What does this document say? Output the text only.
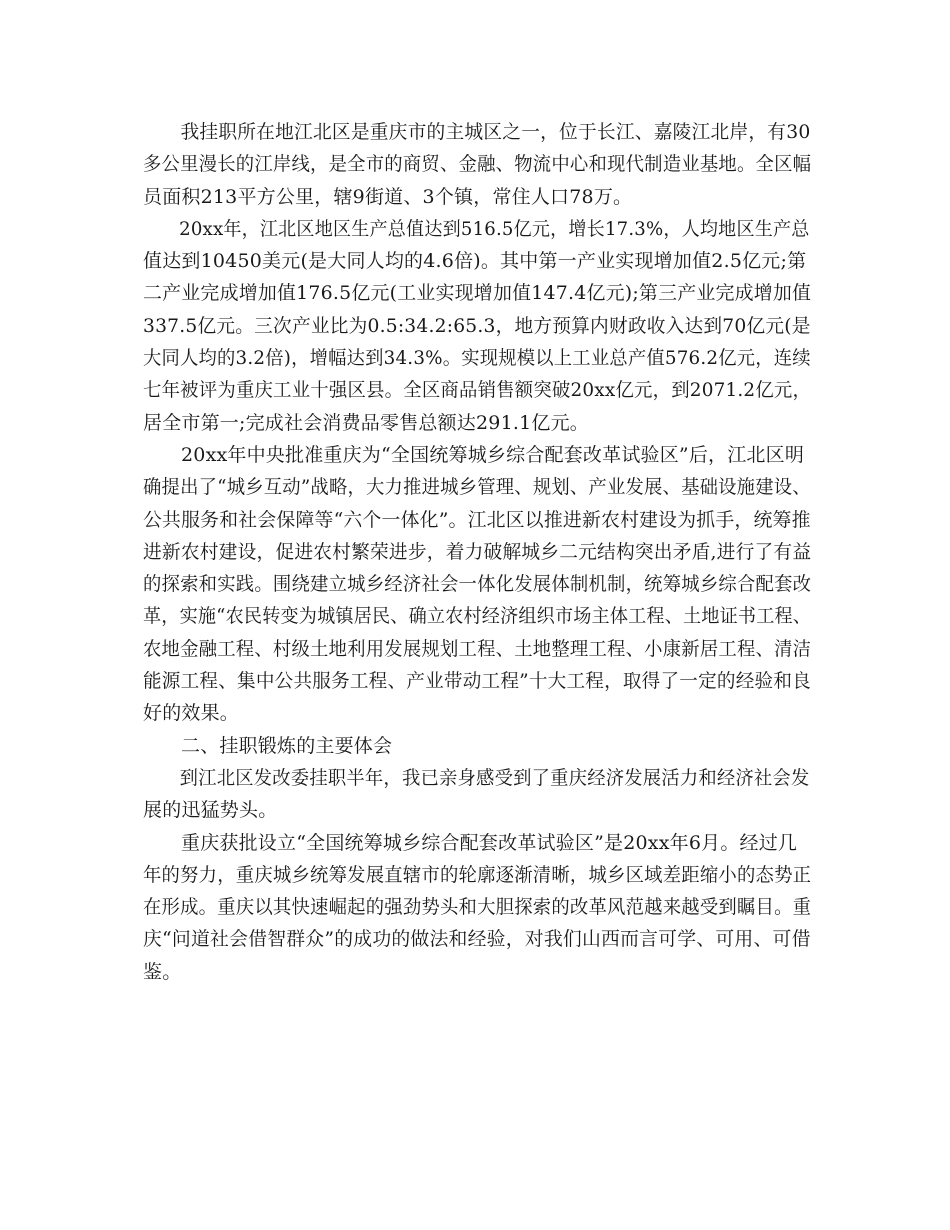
我挂职所在地江北区是重庆市的主城区之一，位于长江、嘉陵江北岸，有30
多公里漫长的江岸线，是全市的商贸、金融、物流中心和现代制造业基地。全区幅
员面积213平方公里，辖9街道、3个镇，常住人口78万。
20xx年，江北区地区生产总值达到516.5亿元，增长17.3%，人均地区生产总
值达到10450美元(是大同人均的4.6倍)。其中第一产业实现增加值2.5亿元;第
二产业完成增加值176.5亿元(工业实现增加值147.4亿元);第三产业完成增加值
337.5亿元。三次产业比为0.5:34.2:65.3，地方预算内财政收入达到70亿元(是
大同人均的3.2倍)，增幅达到34.3%。实现规模以上工业总产值576.2亿元，连续
七年被评为重庆工业十强区县。全区商品销售额突破20xx亿元，到2071.2亿元，
居全市第一;完成社会消费品零售总额达291.1亿元。
20xx年中央批准重庆为“全国统筹城乡综合配套改革试验区”后，江北区明
确提出了“城乡互动”战略，大力推进城乡管理、规划、产业发展、基础设施建设、
公共服务和社会保障等“六个一体化”。江北区以推进新农村建设为抓手，统筹推
进新农村建设，促进农村繁荣进步，着力破解城乡二元结构突出矛盾,进行了有益
的探索和实践。围绕建立城乡经济社会一体化发展体制机制，统筹城乡综合配套改
革，实施“农民转变为城镇居民、确立农村经济组织市场主体工程、土地证书工程、
农地金融工程、村级土地利用发展规划工程、土地整理工程、小康新居工程、清洁
能源工程、集中公共服务工程、产业带动工程”十大工程，取得了一定的经验和良
好的效果。
二、挂职锻炼的主要体会
到江北区发改委挂职半年，我已亲身感受到了重庆经济发展活力和经济社会发
展的迅猛势头。
重庆获批设立“全国统筹城乡综合配套改革试验区”是20xx年6月。经过几
年的努力，重庆城乡统筹发展直辖市的轮廓逐渐清晰，城乡区域差距缩小的态势正
在形成。重庆以其快速崛起的强劲势头和大胆探索的改革风范越来越受到瞩目。重
庆“问道社会借智群众”的成功的做法和经验，对我们山西而言可学、可用、可借
鉴。
